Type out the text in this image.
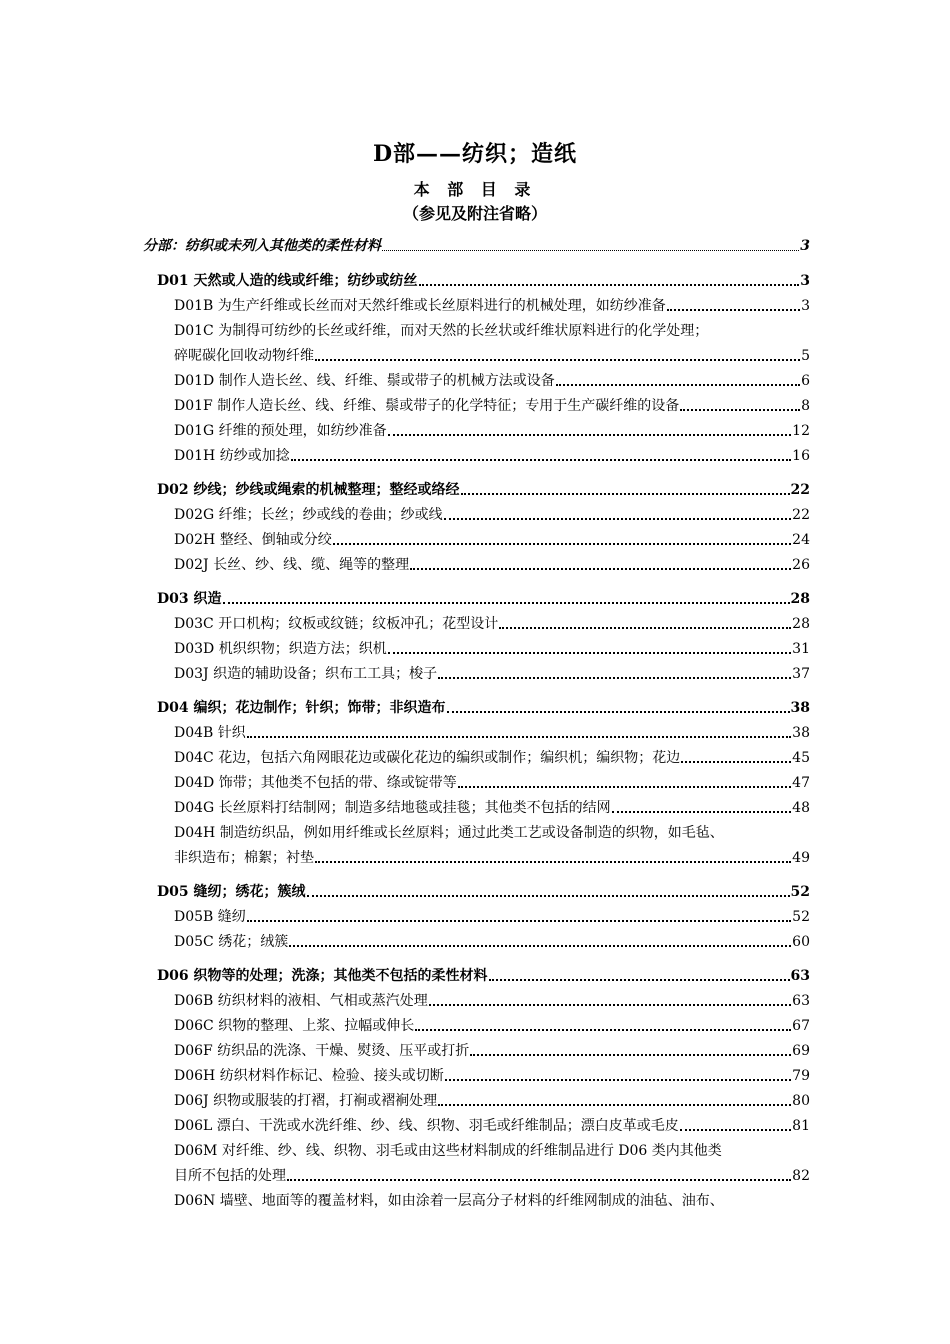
D部——纺织；造纸
本 部 目 录
（参见及附注省略）
分部：纺织或未列入其他类的柔性材料	3
D01 天然或人造的线或纤维；纺纱或纺丝	3
D01B 为生产纤维或长丝而对天然纤维或长丝原料进行的机械处理，如纺纱准备	3
D01C 为制得可纺纱的长丝或纤维，而对天然的长丝状或纤维状原料进行的化学处理；
碎呢碳化回收动物纤维	5
D01D 制作人造长丝、线、纤维、鬃或带子的机械方法或设备	6
D01F 制作人造长丝、线、纤维、鬃或带子的化学特征；专用于生产碳纤维的设备	8
D01G 纤维的预处理，如纺纱准备	12
D01H 纺纱或加捻	16
D02 纱线；纱线或绳索的机械整理；整经或络经	22
D02G 纤维；长丝；纱或线的卷曲；纱或线	22
D02H 整经、倒轴或分绞	24
D02J 长丝、纱、线、缆、绳等的整理	26
D03 织造	28
D03C 开口机构；纹板或纹链；纹板冲孔；花型设计	28
D03D 机织织物；织造方法；织机	31
D03J 织造的辅助设备；织布工工具；梭子	37
D04 编织；花边制作；针织；饰带；非织造布	38
D04B 针织	38
D04C 花边，包括六角网眼花边或碳化花边的编织或制作；编织机；编织物；花边	45
D04D 饰带；其他类不包括的带、绦或锭带等	47
D04G 长丝原料打结制网；制造多结地毯或挂毯；其他类不包括的结网	48
D04H 制造纺织品，例如用纤维或长丝原料；通过此类工艺或设备制造的织物，如毛毡、
非织造布；棉絮；衬垫	49
D05 缝纫；绣花；簇绒	52
D05B 缝纫	52
D05C 绣花；绒簇	60
D06 织物等的处理；洗涤；其他类不包括的柔性材料	63
D06B 纺织材料的液相、气相或蒸汽处理	63
D06C 织物的整理、上浆、拉幅或伸长	67
D06F 纺织品的洗涤、干燥、熨烫、压平或打折	69
D06H 纺织材料作标记、检验、接头或切断	79
D06J 织物或服装的打褶，打裥或褶裥处理	80
D06L 漂白、干洗或水洗纤维、纱、线、织物、羽毛或纤维制品；漂白皮革或毛皮	81
D06M 对纤维、纱、线、织物、羽毛或由这些材料制成的纤维制品进行 D06 类内其他类
目所不包括的处理	82
D06N 墙壁、地面等的覆盖材料，如由涂着一层高分子材料的纤维网制成的油毡、油布、
